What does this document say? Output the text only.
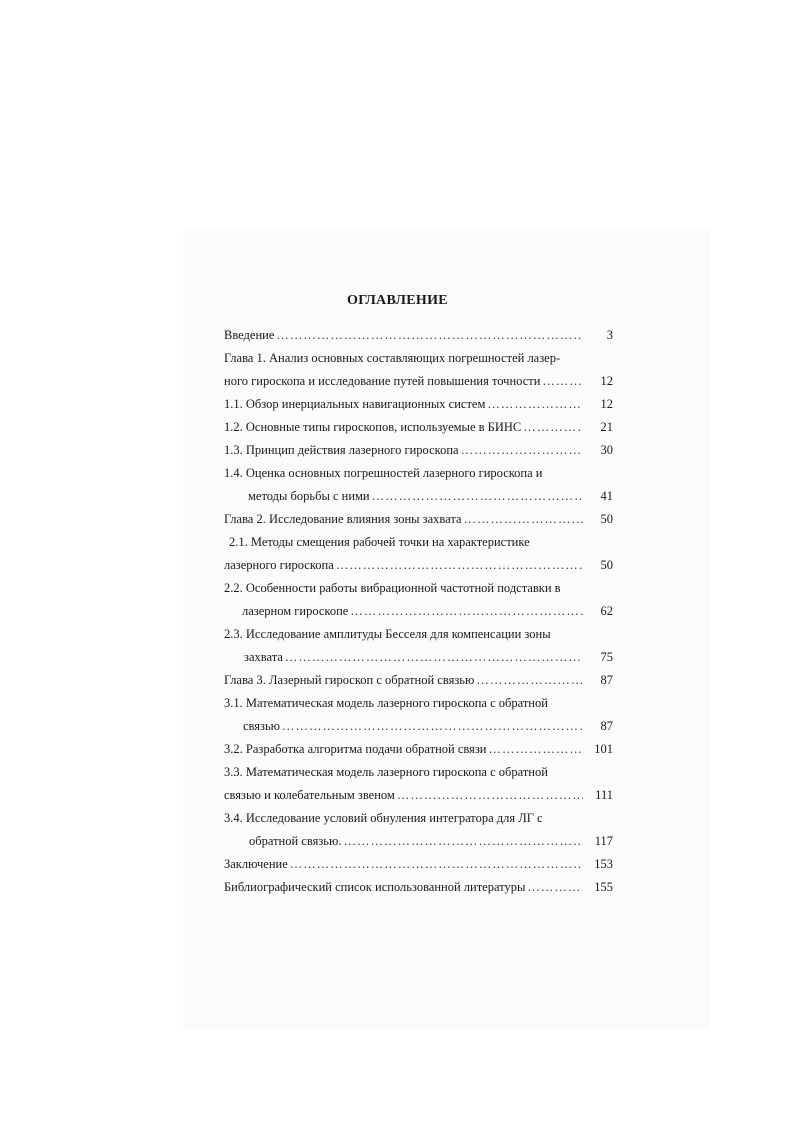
ОГЛАВЛЕНИЕ
Введение …………………………………………………………………………………………………………………………………………………………	3
Глава 1. Анализ основных составляющих погрешностей лазер-
ного гироскопа и исследование путей повышения точности …………………………………………………………………………………………………………………………………………………………	12
1.1. Обзор инерциальных навигационных систем …………………………………………………………………………………………………………………………………………………………	12
1.2. Основные типы гироскопов, используемые в БИНС …………………………………………………………………………………………………………………………………………………………	21
1.3. Принцип действия лазерного гироскопа …………………………………………………………………………………………………………………………………………………………	30
1.4. Оценка основных погрешностей лазерного гироскопа и
методы борьбы с ними …………………………………………………………………………………………………………………………………………………………	41
Глава 2. Исследование влияния зоны захвата …………………………………………………………………………………………………………………………………………………………	50
2.1. Методы смещения рабочей точки на характеристике
лазерного гироскопа …………………………………………………………………………………………………………………………………………………………	50
2.2. Особенности работы вибрационной частотной подставки в
лазерном гироскопе …………………………………………………………………………………………………………………………………………………………	62
2.3. Исследование амплитуды Бесселя для компенсации зоны
захвата …………………………………………………………………………………………………………………………………………………………	75
Глава 3. Лазерный гироскоп с обратной связью …………………………………………………………………………………………………………………………………………………………	87
3.1. Математическая модель лазерного гироскопа с обратной
связью …………………………………………………………………………………………………………………………………………………………	87
3.2. Разработка алгоритма подачи обратной связи …………………………………………………………………………………………………………………………………………………………	101
3.3. Математическая модель лазерного гироскопа с обратной
связью и колебательным звеном …………………………………………………………………………………………………………………………………………………………	111
3.4. Исследование условий обнуления интегратора для ЛГ с
обратной связью. …………………………………………………………………………………………………………………………………………………………	117
Заключение …………………………………………………………………………………………………………………………………………………………	153
Библиографический список использованной литературы …………………………………………………………………………………………………………………………………………………………	155
